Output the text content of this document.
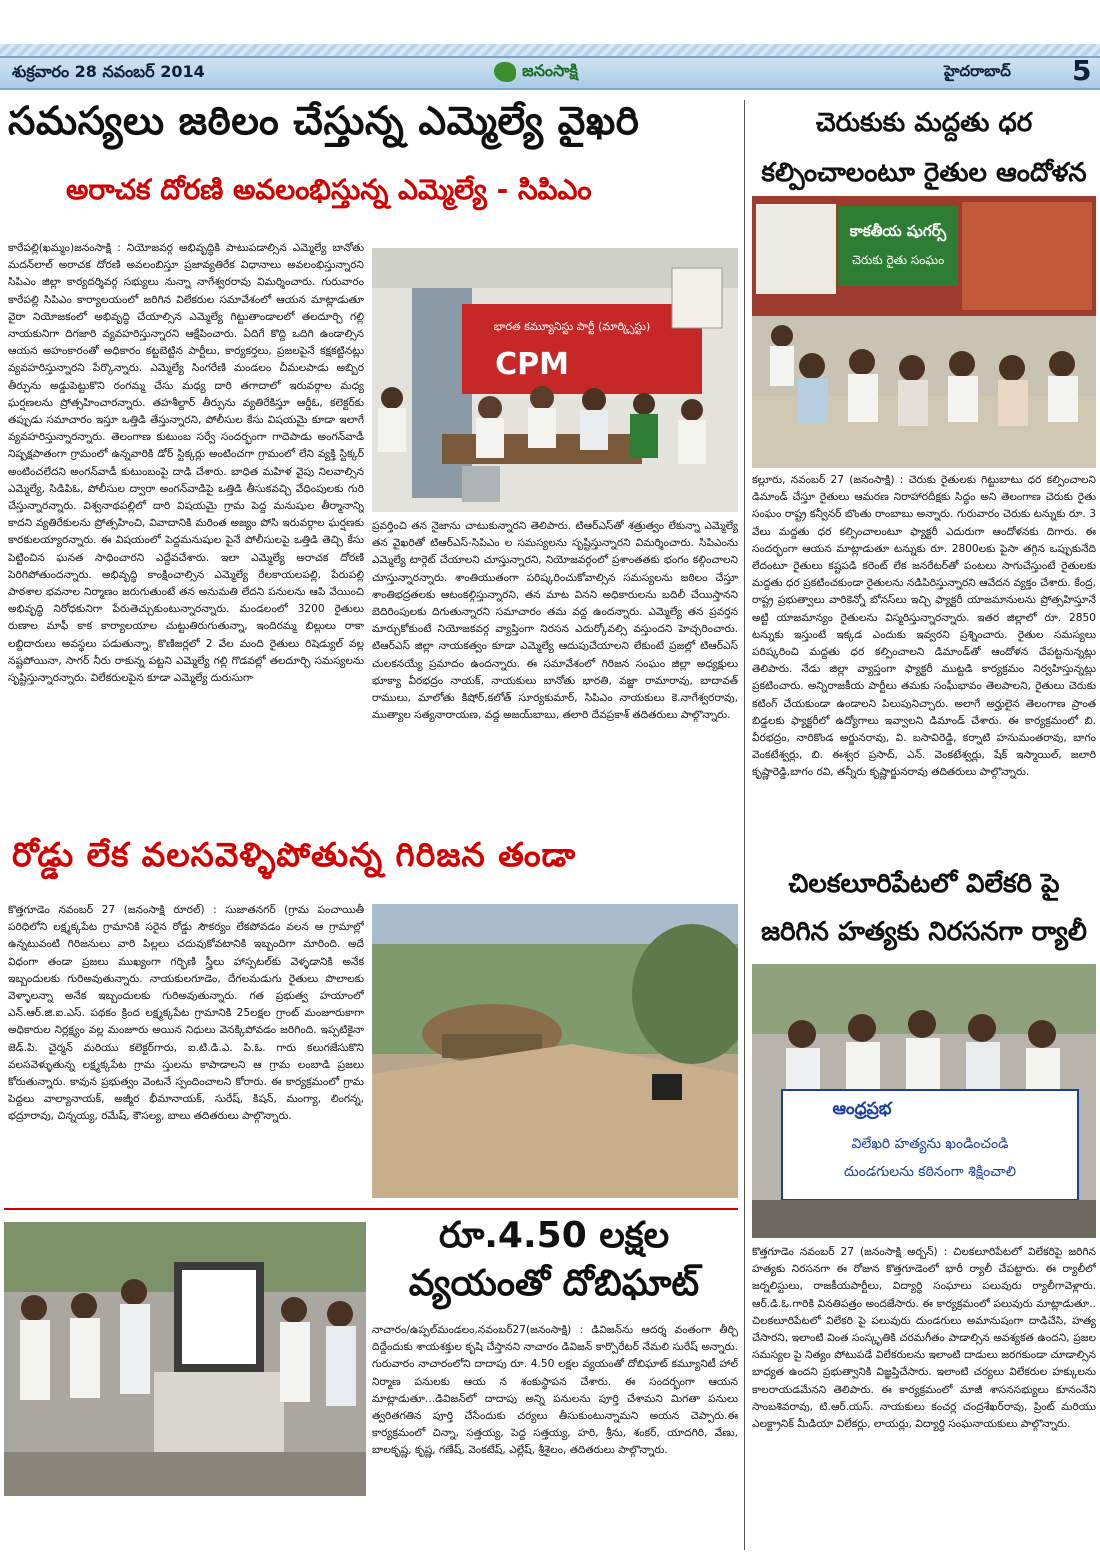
శుక్రవారం 28 నవంబర్ 2014	జనంసాక్షి	హైదరాబాద్ 5
సమస్యలు జఠిలం చేస్తున్న ఎమ్మెల్యే వైఖరి
అరాచక దోరణి అవలంభిస్తున్న ఎమ్మెల్యే - సిపిఎం
కారేపల్లి(ఖమ్మం)జనంసాక్షి : నియోజవర్గ అభివృద్ధికి పాటుపడాల్సిన ఎమ్మెల్యే బానోతు మదన్‌లాల్ అరాచక దోరణి అవలంబిస్తూ ప్రజావ్యతిరేక విధానాలు అవలంభిస్తున్నారని సిపిఎం జిల్లా కార్యదర్శివర్గ సభ్యులు నున్నా నాగేశ్వరరావు విమర్శించారు. గురువారం కారేపల్లి సిపిఎం కార్యాలయంలో జరిగిన విలేకరుల సమావేశంలో ఆయన మాట్లాడుతూ వైరా నియోజకంలో అభివృద్ధి చేయాల్సిన ఎమ్మెల్యే గిట్టుతాండాలలో తలదూర్చి గల్లి నాయకునిగా దిగజారి వ్యవహరిస్తున్నారని ఆక్షేపించారు. ఏదిగే కొద్ది ఒదిగి ఉండాల్సిన ఆయన అహంకారంతో అధికారం కట్టబెట్టిన పార్టీలు, కార్యకర్తలు, ప్రజలపైనే కక్షకట్టినట్లు వ్యవహరిస్తున్నారని పేర్కొన్నారు. ఎమ్మెల్యే సింగరేణి మండలం చీమలపాడు అబ్బిర తీర్పును అడ్డుపెట్టుకొని రంగమ్మ చేసు మధ్య దారి తగాదాలో ఇరువర్గాల మధ్య ఘర్షణలను ప్రోత్సహించారన్నారు. తహశీల్దార్ తీర్పును వ్యతిరేకిస్తూ ఆర్డీఓ, కలెక్టర్‌కు తప్పుడు సమాచారం ఇస్తూ ఒత్తిడి తేస్తున్నారని, పోలీసుల కేసు విషయమై కూడా ఇలాగే వ్యవహరిస్తున్నారన్నారు. తెలంగాణ కుటుంబ సర్వే సందర్భంగా గాదెపాడు అంగన్‌వాడీ నిష్పక్షపాతంగా గ్రామంలో ఉన్నవారికి డోర్ స్టిక్కర్లు అంటించగా గ్రామంలో లేని వ్యక్తి స్టిక్కర్ అంటించలేదని అంగన్‌వాడీ కుటుంబంపై దాడి చేశారు. బాధిత మహిళ వైపు నిలవాల్సిన ఎమ్మెల్యే, సిడిపిఓ, పోలీసుల ద్వారా అంగన్‌వాడిపై ఒత్తిడి తీసుకవచ్చి వేధింపులకు గురి చేస్తున్నారన్నారు. విశ్వనాథపల్లిలో దారి విషయమై గ్రామ పెద్ద మనుషుల తీర్మానాన్ని కాదని వ్యతిరేకులను ప్రోత్సహించి, వివాదానికి మరింత అజ్యం పోసి ఇరువర్గాల ఘర్షణకు కారకులయ్యారన్నారు. ఈ విషయంలో పెద్దమనుషుల పైనే పోలీసులపై ఒత్తిడి తెచ్చి కేసు పెట్టించిన ఘనత సాధించారని ఎద్దేవచేశారు. ఇలా ఎమ్మెల్యే అరాచక దోరణి పెరిగిపోతుందన్నారు. అభివృద్ధి కాంక్షించాల్సిన ఎమ్మెల్యే రేలకాయలపల్లి, పేరుపల్లి పాఠశాల భవనాల నిర్మాణం జరుగుతుంటే తన అనుమతి లేదని పనులను ఆపి వేయించి అభివృద్ధి నిరోధకునిగా పేరుతెచ్చుకుంటున్నారన్నారు. మండలంలో 3200 రైతులు రుణాల మాఫీ కాక కార్యాలయాల చుట్టుతిరుగుతున్నా, ఇందిరమ్మ బిల్లులు రాకా లబ్దిదారులు అవస్థలు పడుతున్నా, కొణిజర్లలో 2 వేల మంది రైతులు రిషెడ్యుల్ వల్ల నష్టపోయినా, సాగర్ నీరు రాకున్న పట్టని ఎమ్మెల్యే గల్లి గొడవల్లో తలదూర్చి సమస్యలను సృష్టిస్తున్నారన్నారు. విలేకరులపైన కూడా ఎమ్మెల్యే దురుసుగా
భారత కమ్యూనిస్టు పార్టీ (మార్క్సిస్టు)
CPM
ప్రవర్తించి తన నైజాను చాటుకున్నారని తెలిపారు. టిఆర్ఎస్‌తో శత్రుత్వం లేకున్నా ఎమ్మెల్యే తన వైఖరితో టిఆర్ఎస్-సిపిఎం ల సమస్యలను సృష్టిస్తున్నారని విమర్శించారు. సిపిఎంను ఎమ్మెల్యే టార్గెట్ చేయాలని చూస్తున్నారని, నియోజవర్గంలో ప్రశాంతతకు భంగం కల్గించాలని చూస్తున్నారన్నారు. శాంతియుతంగా పరిష్కరించుకోవాల్సిన సమస్యలను జఠిలం చేస్తూ శాంతిభద్రతలకు ఆటంకల్గిస్తున్నారని, తన మాట వినని అధికారులను బదిలీ చేయిస్తానని బెదిరింపులకు దిగుతున్నారని సమాచారం తమ వద్ద ఉందన్నారు. ఎమ్మెల్యే తన ప్రవర్తన మార్చుకోకుంటే నియోజకవర్గ వ్యాప్తింగా నిరసన ఎదుర్కోవల్సి వస్తుందని హెచ్చరించారు. టిఆర్ఎస్ జిల్లా నాయకత్వం కూడా ఎమ్మెల్యే ఆదుపుచేయాలని లేకుంటే ప్రజల్లో టిఆర్ఎస్ చులకనయ్యే ప్రమాదం ఉందన్నారు. ఈ సమావేశంలో గిరిజన సంఘం జిల్లా అధ్యక్షులు భూక్యా వీరభద్రం నాయక్, నాయకులు బానోతు భారతి, వజ్జా రామారావు, బాదావత్ రాములు, మాలోతు కిషోర్,కలోత్ సూర్యకుమార్, సిపిఎం నాయకులు కె.నాగేశ్వరరావు, ముత్యాల సత్యనారాయణ, వద్ద అజయ్‌బాబు, తలారి దేవప్రకాశ్ తదితరులు పాల్గొన్నారు.
చెరుకుకు మద్దతు ధర కల్పించాలంటూ రైతుల ఆందోళన
కాకతీయ షుగర్స్
చెరుకు రైతు సంఘం
కల్లూరు, నవంబర్ 27 (జనంసాక్షి) : చెరుకు రైతులకు గిట్టుబాటు ధర కల్పించాలని డిమాండ్‌ చేస్తూ రైతులు ఆమరణ నిరాహారదీక్షకు సిద్ధం అని తెలంగాణ చెరుకు రైతు సంఘం రాష్ట్ర కన్వీనర్ బొంతు రాంబాబు అన్నారు. గురువారం చెరుకు టన్నుకు రూ. 3 వేలు మద్దతు ధర కల్పించాలంటూ ఫ్యాక్టరీ ఎదురుగా ఆందోళనకు దిగారు. ఈ సందర్భంగా ఆయన మాట్లాడుతూ టన్నుకు రూ. 2800లకు పైసా తగ్గిన ఒప్పుకునేది లేదంటూ రైతులు కష్టపడి కరెంట్ లేక జనరేటర్‌తో పంటలు సాగుచేస్తుంటే రైతులకు మద్దతు ధర ప్రకటించకుండా రైతులను నడిపిరిస్తున్నారని ఆవేదన వ్యక్తం చేశారు. కేంద్ర, రాష్ట్ర ప్రభుత్వాలు వారికెన్నో బోనస్‌లు ఇచ్చి ఫ్యాక్టరీ యాజమానులను ప్రోత్సహిస్తూనే అట్టి యాజమాన్యం రైతులను విస్మరిస్తున్నారన్నారు. ఇతర జిల్లాలో రూ. 2850 టన్నుకు ఇస్తుంటే ఇక్కడ ఎందుకు ఇవ్వరని ప్రశ్నించారు. రైతుల సమస్యలు పరిష్కరించి మద్దతు ధర కల్పించాలని డిమాండ్‌తో ఆందోళన చేపట్టనున్నట్లు తెలిపారు. నేడు జిల్లా వ్యాప్తంగా ఫ్యాక్టరీ ముట్టడి కార్యక్రమం నిర్వహిస్తున్నట్లు ప్రకటించారు. అన్నిరాజకీయ పార్టీలు తమకు సంఘీభావం తెలపాలని, రైతులు చెరుకు కటింగ్ చేయకుండా ఉండాలని పిలుపునిచ్చారు. అలాగే అర్హులైన తెలంగాణ ప్రాంత బిడ్డలకు ఫ్యాక్టరీలో ఉద్యోగాలు ఇవ్వాలని డిమాండ్ చేశారు. ఈ కార్యక్రమంలో బి. వీరభద్రం, నారికొండ అర్జునరావు, వి. బసావిరెడ్డి, కర్నాటి హనుమంతరావు, బాగం వెంకటేశ్వర్లు, బి. ఈశ్వర ప్రసాద్, ఎన్. వెంకటేశ్వర్లు, షేక్ ఇస్మాయిల్, జలారి కృష్ణారెడ్డి,బాగం రవి, తన్నీరు కృష్ణార్జునరావు తదితరులు పాల్గొన్నారు.
రోడ్డు లేక వలసవెళ్ళిపోతున్న గిరిజన తండా
కొత్తగూడెం నవంబర్ 27 (జనంసాక్షి రూరల్) : సుజాతనగర్ (గ్రామ పంచాయితీ పరిధిలోని లక్ష్మక్కపేట గ్రామానికి సరైన రోడ్డు సౌకర్యం లేకపోవడం వలన ఆ గ్రామాల్లో ఉన్నటువంటి గిరిజనులు వారి పిల్లలు చదువుకోవటానికి ఇబ్బందిగా మారింది. అదే విధంగా తండా ప్రజలు ముఖ్యంగా గర్భిణి స్త్రీలు హాస్పటల్‌కు వెళ్ళడానికి అనేక ఇబ్బందులకు గురిఅవుతున్నారు. నాయకులగూడెం, దేగలమడుగు రైతులు పొలాలకు వెళ్ళాలన్నా అనేక ఇబ్బందులకు గురిఅవుతున్నారు. గత ప్రభుత్వ హయాంలో ఎన్.ఆర్.జి.ఐ.ఎస్. పథకం క్రింద లక్ష్మక్కపేట గ్రామానికి 25లక్షల గ్రాంట్ మంజూరుకాగా అధికారుల నిర్లక్ష్యం వల్ల మంజూరు అయిన నిధులు వెనక్కిపోవడం జరిగింది. ఇప్పటికైనా జెడ్.పి. చైర్మన్ మరియు కలెక్టర్‌గారు, ఐ.టి.డి.ఎ. పి.ఓ. గారు కలుగజేసుకొని వలసవెళ్ళుతున్న లక్ష్మక్కపేట గ్రామ స్తులను కాపాడాలని ఆ గ్రామ లంబాడి ప్రజలు కోరుతున్నారు. కావున ప్రభుత్వం వెంటనే స్పందించాలని కోరారు. ఈ కార్యక్రమంలో గ్రామ పెద్దలు వాల్యానాయక్, అజ్మీర భీమానాయక్, సురేష్, కిషన్, మంగ్యా, లింగన్న, భద్రూరావు, చిన్నయ్య, రమేష్, కౌసల్య, బాలు తదితరులు పాల్గొన్నారు.
చిలకలూరిపేటలో విలేకరి పై జరిగిన హత్యకు నిరసనగా ర్యాలీ
ఆంధ్రప్రభ
విలేఖరి హత్యను ఖండించండి
దుండగులను కఠినంగా శిక్షించాలి
కొత్తగూడెం నవంబర్ 27 (జనంసాక్షి అర్బన్) : చిలకలూరిపేటలో విలేకరిపై జరిగిన హత్యకు నిరసనగా ఈ రోజున కొత్తగూడెంలో భారీ ర్యాలీ చేపట్టారు. ఈ ర్యాలీలో జర్నలిస్టులు, రాజకీయపార్టీలు, విద్యార్ధి సంఘాలు పలువురు ర్యాలీగావెళ్లారు. ఆర్.డి.ఓ.గారికి వినతిపత్రం అందజేసారు. ఈ కార్యక్రమంలో పలువురు మాట్లాడుతూ.. చిలకలూరిపేటలో విలేకరి పై పలువురు దుండగులు అమానుషంగా దాడిచేసి, హత్య చేసారని, ఇలాంటి వింత సంస్కృతికి చరమగీతం పాడాల్సిన అవశ్యకత ఉందని, ప్రజల సమస్యల పై నిత్యం పోటుపడే విలేకరులను ఇలాంటి దాడులు జరగకుండా చూడాల్సిన బాధ్యత ఉందని ప్రభుత్వానికి విజ్ఞప్తిచేసారు. ఇలాంటి చర్యలు విలేకరుల హక్కులను కాలరాయడమేనని తెలిపారు. ఈ కార్యక్రమంలో మాజీ శాసనసభ్యులు కూనంనేని సాంబశివరావు, టి.ఆర్.యస్. నాయకులు కంచర్ల చంద్రశేఖర్‌రావు, ప్రింట్ మరియు ఎలక్ట్రానిక్ మీడియా విలేకర్లు, లాయర్లు, విద్యార్ధి సంఘనాయకులు పాల్గొన్నారు.
రూ.4.50 లక్షల వ్యయంతో దోబిఘాట్
నాచారం/ఉప్పల్‌మండలం,నవంబర్27(జనంసాక్షి) : డివిజన్‌ను ఆదర్శ వంతంగా తీర్చి దిద్దేందుకు శాయశక్తుల కృషి చేస్తానని నాచారం డివిజన్ కార్పొరేటర్ నేమలి సురేష్ అన్నారు. గురువారం నాచారంలోని దాదాపు రూ. 4.50 లక్షల వ్యయంతో దోబిఘాట్ కమ్యూనిటీ హాల్ నిర్మాణ పనులకు ఆయ న శంకుస్థాపన చేశారు. ఈ సందర్భంగా ఆయన మాట్లాడుతూ...డివిజన్‌లో దాదాపు అన్ని పనులను పూర్తి చేశామని మిగతా పనులు త్వరితగతిన పూర్తి చేసేందుకు చర్యలు తీసుకుంటున్నామని అయన చెప్పారు.ఈ కార్యక్రమంలో చిన్నా, సత్తయ్య, పెద్ద సత్తయ్య, హరి, శ్రీను, శంకర్, యాదగిరి, వేణు, బాలకృష్ణ, కృష్ణ, గణేష్, వెంకటేష్, ఎల్లేష్, శ్రీశైలం, తదితరులు పాల్గొన్నారు.
